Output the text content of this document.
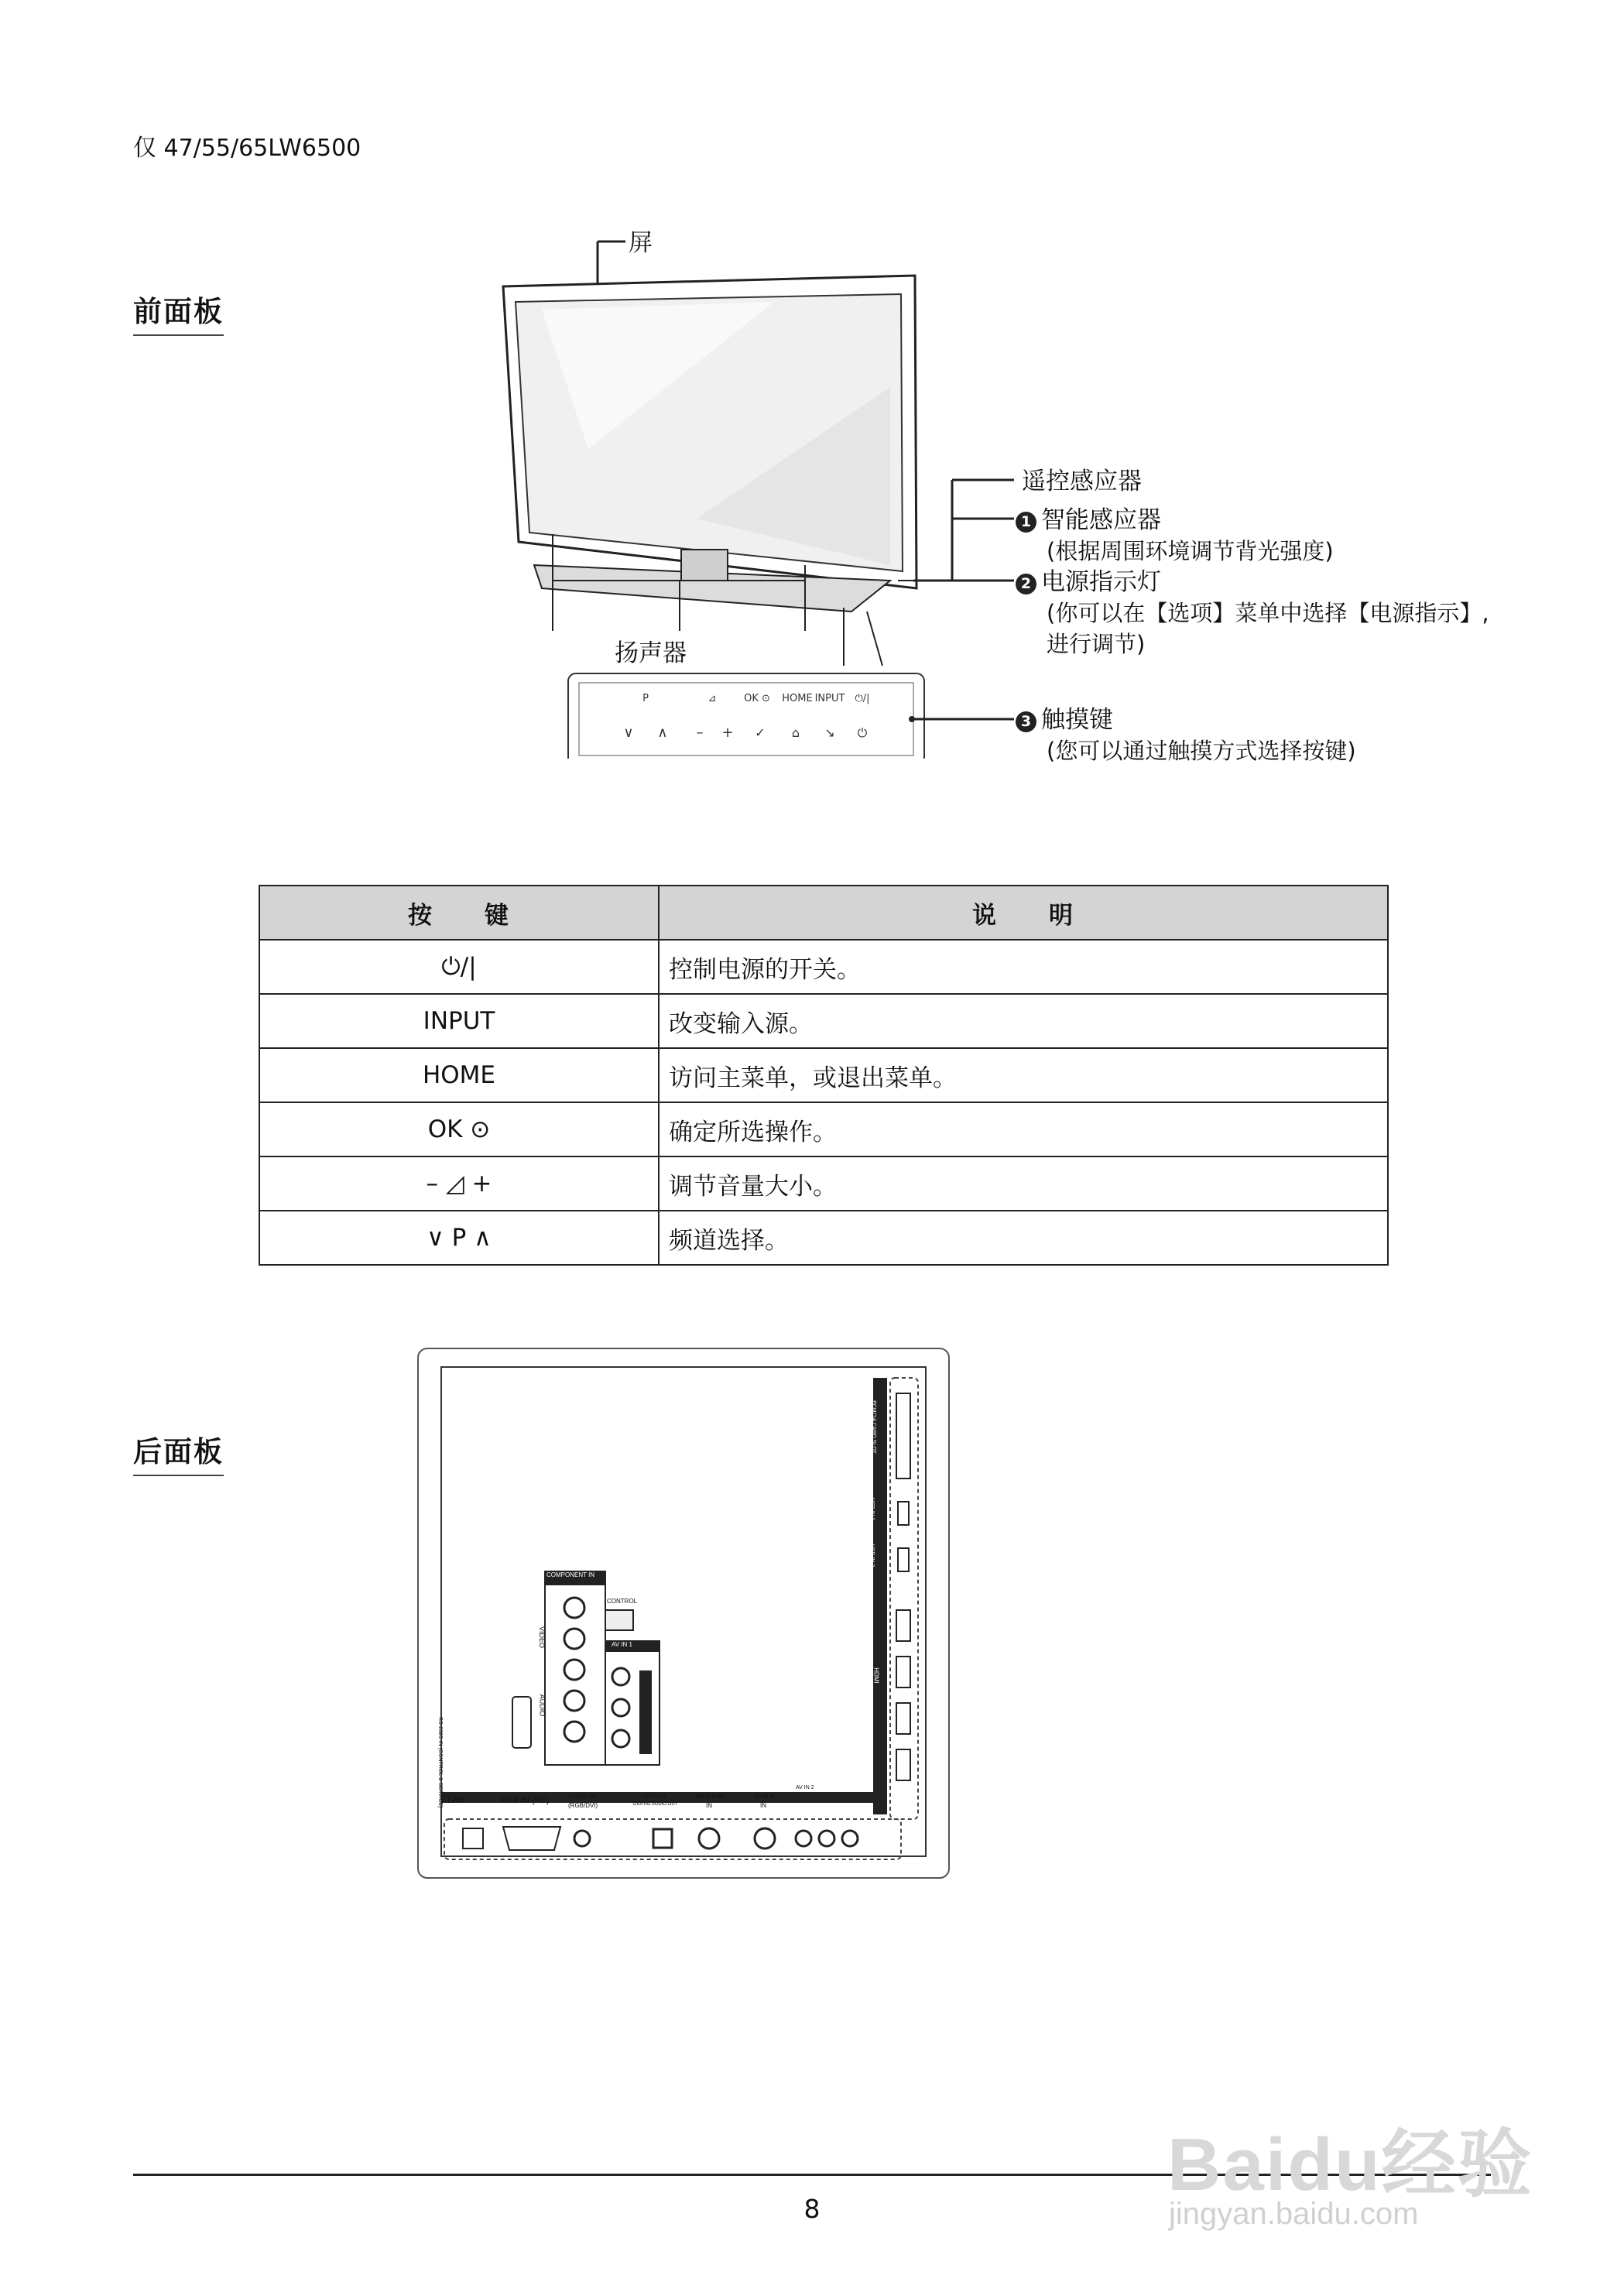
仅 47/55/65LW6500
前面板
P	⊿	OK ⊙ HOME INPUT ⏻/|
∨ ∧ – + ✓ ⌂ ↘ ⏻
屏
遥控感应器
1 智能感应器
(根据周围环境调节背光强度)
2 电源指示灯
(你可以在【选项】菜单中选择【电源指示】,
进行调节)
扬声器
3 触摸键
(您可以通过触摸方式选择按键)
按　　键	说　　明
⏻/|	控制电源的开关。
INPUT	改变输入源。
HOME	访问主菜单，或退出菜单。
OK ⊙	确定所选操作。
– ◿ +	调节音量大小。
∨ P ∧	频道选择。
后面板
LAN	RGB IN (PC)	AUDIO IN
(RGB/DVI)
OPTICAL
DIGITAL AUDIO OUT
ANTENNA
IN
CABLE
IN
AV IN 2
COMPONENT IN
CONTROL
AV IN 1
VIDEO
AUDIO
RS-232C IN (CONTROL & SERVICE)
PCMCIA CARD SLOT
USB IN 1
USB IN 2
HDMI
8
Baidu经验
jingyan.baidu.com
